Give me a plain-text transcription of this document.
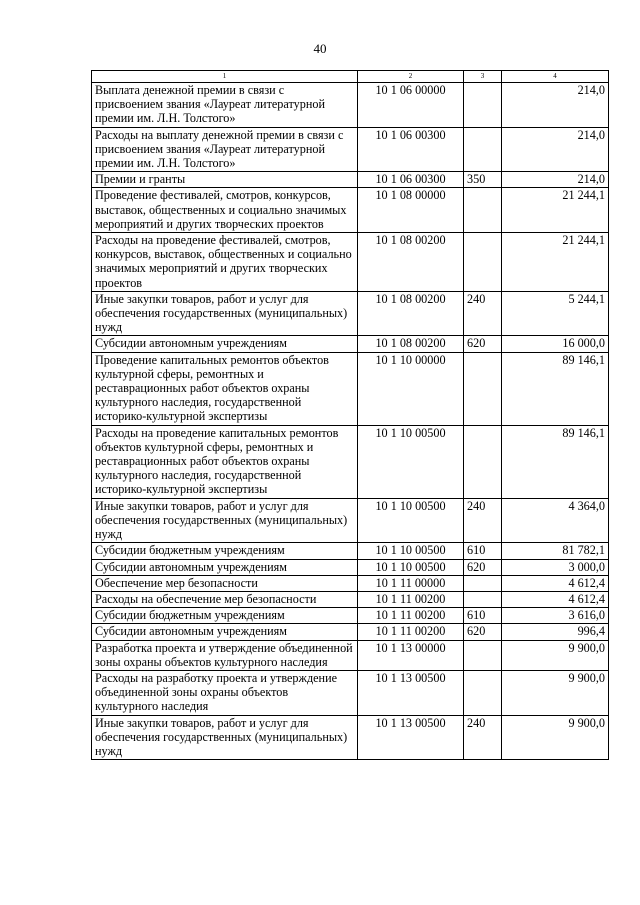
40
1	2	3	4
Выплата денежной премии в связи с присвоением звания «Лауреат литературной премии им. Л.Н. Толстого»	10 1 06 00000		214,0
Расходы на выплату денежной премии в связи с присвоением звания «Лауреат литературной премии им. Л.Н. Толстого»	10 1 06 00300		214,0
Премии и гранты	10 1 06 00300	350	214,0
Проведение фестивалей, смотров, конкурсов, выставок, общественных и социально значимых мероприятий и других творческих проектов	10 1 08 00000		21 244,1
Расходы на проведение фестивалей, смотров, конкурсов, выставок, общественных и социально значимых мероприятий и других творческих проектов	10 1 08 00200		21 244,1
Иные закупки товаров, работ и услуг для обеспечения государственных (муниципальных) нужд	10 1 08 00200	240	5 244,1
Субсидии автономным учреждениям	10 1 08 00200	620	16 000,0
Проведение капитальных ремонтов объектов культурной сферы, ремонтных и реставрационных работ объектов охраны культурного наследия, государственной историко-культурной экспертизы	10 1 10 00000		89 146,1
Расходы на проведение капитальных ремонтов объектов культурной сферы, ремонтных и реставрационных работ объектов охраны культурного наследия, государственной историко-культурной экспертизы	10 1 10 00500		89 146,1
Иные закупки товаров, работ и услуг для обеспечения государственных (муниципальных) нужд	10 1 10 00500	240	4 364,0
Субсидии бюджетным учреждениям	10 1 10 00500	610	81 782,1
Субсидии автономным учреждениям	10 1 10 00500	620	3 000,0
Обеспечение мер безопасности	10 1 11 00000		4 612,4
Расходы на обеспечение мер безопасности	10 1 11 00200		4 612,4
Субсидии бюджетным учреждениям	10 1 11 00200	610	3 616,0
Субсидии автономным учреждениям	10 1 11 00200	620	996,4
Разработка проекта и утверждение объединенной зоны охраны объектов культурного наследия	10 1 13 00000		9 900,0
Расходы на разработку проекта и утверждение объединенной зоны охраны объектов культурного наследия	10 1 13 00500		9 900,0
Иные закупки товаров, работ и услуг для обеспечения государственных (муниципальных) нужд	10 1 13 00500	240	9 900,0
